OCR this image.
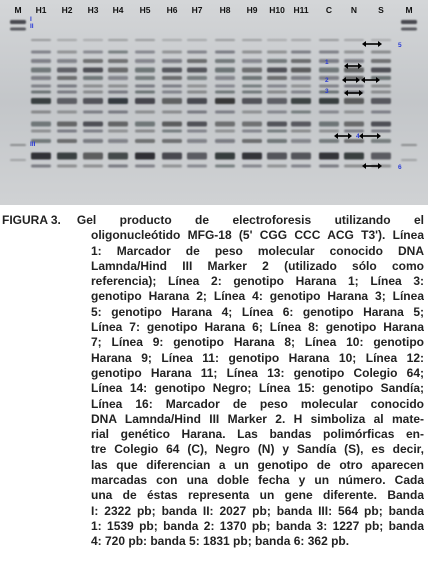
M H1 H2 H3 H4 H5 H6 H7 H8 H9 H10 H11 C N S	M
I
II
III
1
2
3
4
5
6
FIGURA 3. Gel producto de electroforesis utilizando el
oligonucleótido MFG-18 (5' CGG CCC ACG T3'). Línea
1: Marcador de peso molecular conocido DNA
Lamnda/Hind III Marker 2 (utilizado sólo como
referencia); Línea 2: genotipo Harana 1; Línea 3:
genotipo Harana 2; Línea 4: genotipo Harana 3; Línea
5: genotipo Harana 4; Línea 6: genotipo Harana 5;
Línea 7: genotipo Harana 6; Línea 8: genotipo Harana
7; Línea 9: genotipo Harana 8; Línea 10: genotipo
Harana 9; Línea 11: genotipo Harana 10; Línea 12:
genotipo Harana 11; Línea 13: genotipo Colegio 64;
Línea 14: genotipo Negro; Línea 15: genotipo Sandía;
Línea 16: Marcador de peso molecular conocido
DNA Lamnda/Hind III Marker 2. H simboliza al mate-
rial genético Harana. Las bandas polimórficas en-
tre Colegio 64 (C), Negro (N) y Sandía (S), es decir,
las que diferencian a un genotipo de otro aparecen
marcadas con una doble fecha y un número. Cada
una de éstas representa un gene diferente. Banda
I: 2322 pb; banda II: 2027 pb; banda III: 564 pb; banda
1: 1539 pb; banda 2: 1370 pb; banda 3: 1227 pb; banda
4: 720 pb: banda 5: 1831 pb; banda 6: 362 pb.
